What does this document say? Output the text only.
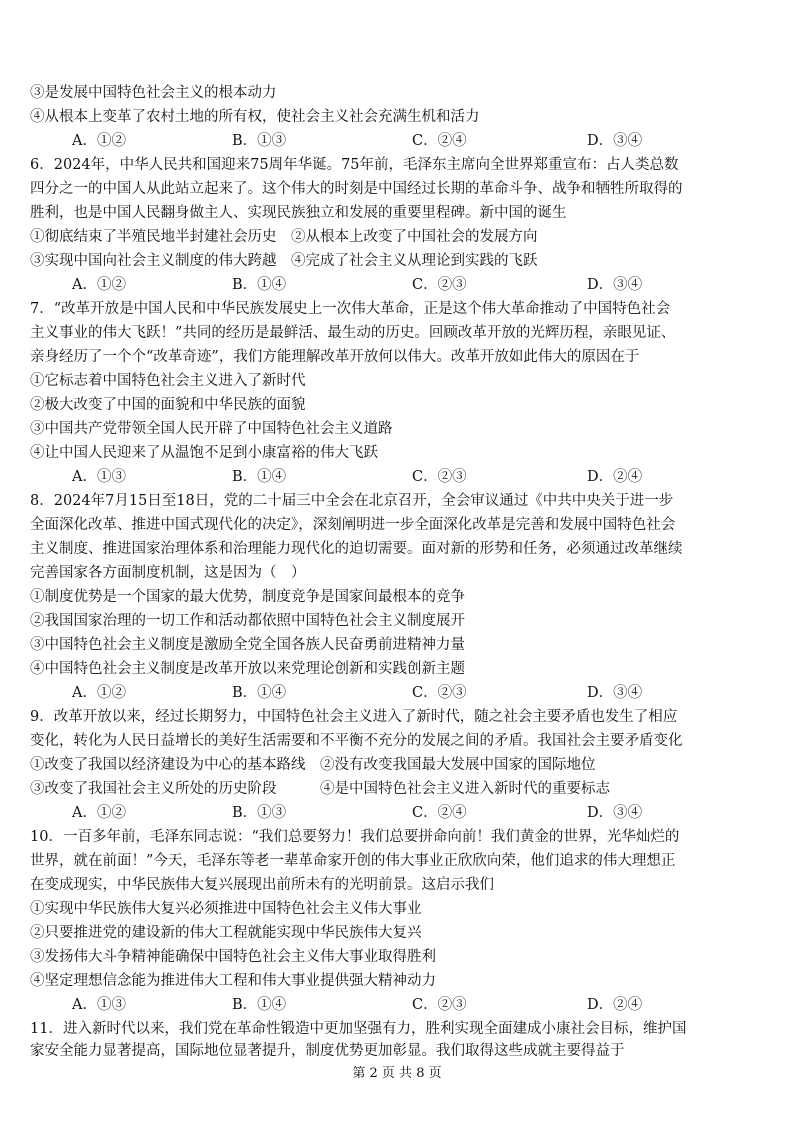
③是发展中国特色社会主义的根本动力
④从根本上变革了农村土地的所有权，使社会主义社会充满生机和活力
A．①②	B．①③	C．②④	D．③④
6．2024年，中华人民共和国迎来75周年华诞。75年前，毛泽东主席向全世界郑重宣布：占人类总数
四分之一的中国人从此站立起来了。这个伟大的时刻是中国经过长期的革命斗争、战争和牺牲所取得的
胜利，也是中国人民翻身做主人、实现民族独立和发展的重要里程碑。新中国的诞生
①彻底结束了半殖民地半封建社会历史　②从根本上改变了中国社会的发展方向
③实现中国向社会主义制度的伟大跨越　④完成了社会主义从理论到实践的飞跃
A．①②	B．①④	C．②③	D．③④
7．“改革开放是中国人民和中华民族发展史上一次伟大革命，正是这个伟大革命推动了中国特色社会
主义事业的伟大飞跃！”共同的经历是最鲜活、最生动的历史。回顾改革开放的光辉历程，亲眼见证、
亲身经历了一个个“改革奇迹”，我们方能理解改革开放何以伟大。改革开放如此伟大的原因在于
①它标志着中国特色社会主义进入了新时代
②极大改变了中国的面貌和中华民族的面貌
③中国共产党带领全国人民开辟了中国特色社会主义道路
④让中国人民迎来了从温饱不足到小康富裕的伟大飞跃
A．①③	B．①④	C．②③	D．②④
8．2024年7月15日至18日，党的二十届三中全会在北京召开，全会审议通过《中共中央关于进一步
全面深化改革、推进中国式现代化的决定》，深刻阐明进一步全面深化改革是完善和发展中国特色社会
主义制度、推进国家治理体系和治理能力现代化的迫切需要。面对新的形势和任务，必须通过改革继续
完善国家各方面制度机制，这是因为（　）
①制度优势是一个国家的最大优势，制度竞争是国家间最根本的竞争
②我国国家治理的一切工作和活动都依照中国特色社会主义制度展开
③中国特色社会主义制度是激励全党全国各族人民奋勇前进精神力量
④中国特色社会主义制度是改革开放以来党理论创新和实践创新主题
A．①②	B．①④	C．②③	D．③④
9．改革开放以来，经过长期努力，中国特色社会主义进入了新时代，随之社会主要矛盾也发生了相应
变化，转化为人民日益增长的美好生活需要和不平衡不充分的发展之间的矛盾。我国社会主要矛盾变化
①改变了我国以经济建设为中心的基本路线　②没有改变我国最大发展中国家的国际地位
③改变了我国社会主义所处的历史阶段　　　④是中国特色社会主义进入新时代的重要标志
A．①②	B．①③	C．②④	D．③④
10．一百多年前，毛泽东同志说：“我们总要努力！我们总要拼命向前！我们黄金的世界，光华灿烂的
世界，就在前面！”今天，毛泽东等老一辈革命家开创的伟大事业正欣欣向荣，他们追求的伟大理想正
在变成现实，中华民族伟大复兴展现出前所未有的光明前景。这启示我们
①实现中华民族伟大复兴必须推进中国特色社会主义伟大事业
②只要推进党的建设新的伟大工程就能实现中华民族伟大复兴
③发扬伟大斗争精神能确保中国特色社会主义伟大事业取得胜利
④坚定理想信念能为推进伟大工程和伟大事业提供强大精神动力
A．①③	B．①④	C．②③	D．②④
11．进入新时代以来，我们党在革命性锻造中更加坚强有力，胜利实现全面建成小康社会目标，维护国
家安全能力显著提高，国际地位显著提升，制度优势更加彰显。我们取得这些成就主要得益于
第 2 页 共 8 页
